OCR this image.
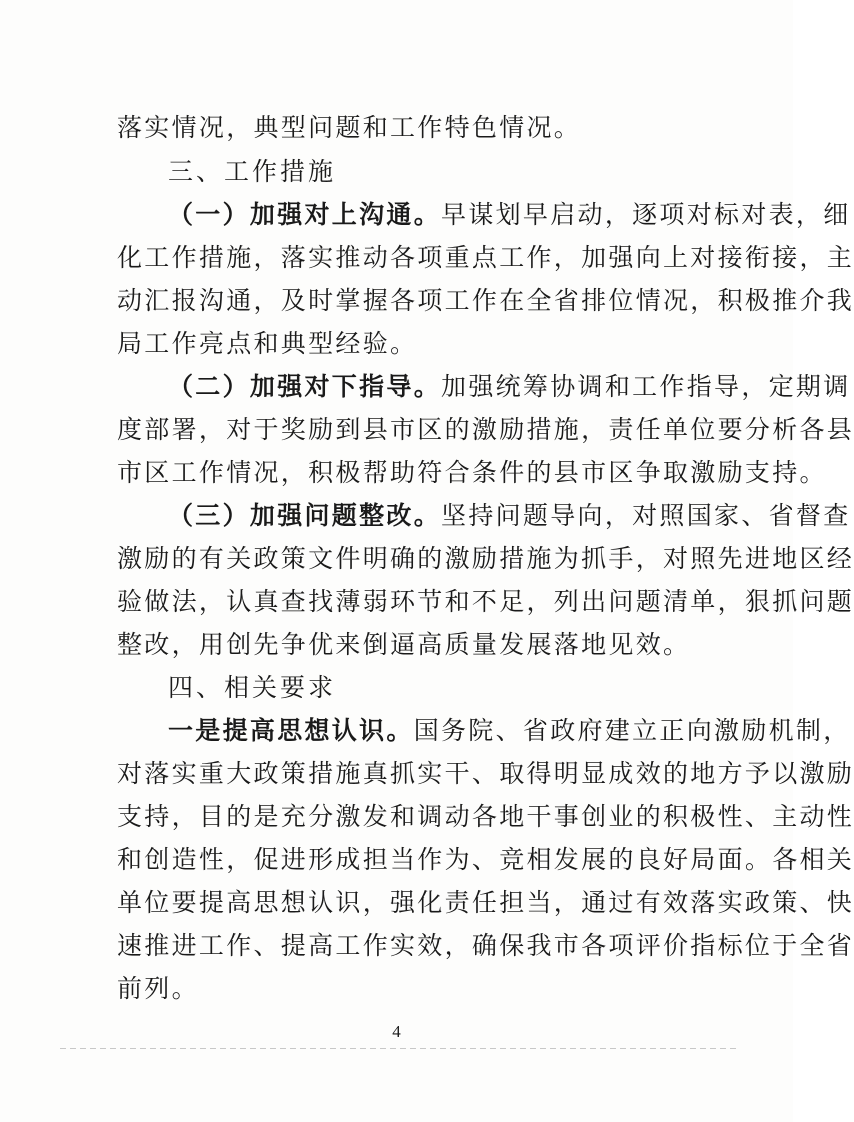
落实情况，典型问题和工作特色情况。
三、工作措施
（一）加强对上沟通。早谋划早启动，逐项对标对表，细
化工作措施，落实推动各项重点工作，加强向上对接衔接，主
动汇报沟通，及时掌握各项工作在全省排位情况，积极推介我
局工作亮点和典型经验。
（二）加强对下指导。加强统筹协调和工作指导，定期调
度部署，对于奖励到县市区的激励措施，责任单位要分析各县
市区工作情况，积极帮助符合条件的县市区争取激励支持。
（三）加强问题整改。坚持问题导向，对照国家、省督查
激励的有关政策文件明确的激励措施为抓手，对照先进地区经
验做法，认真查找薄弱环节和不足，列出问题清单，狠抓问题
整改，用创先争优来倒逼高质量发展落地见效。
四、相关要求
一是提高思想认识。国务院、省政府建立正向激励机制，
对落实重大政策措施真抓实干、取得明显成效的地方予以激励
支持，目的是充分激发和调动各地干事创业的积极性、主动性
和创造性，促进形成担当作为、竞相发展的良好局面。各相关
单位要提高思想认识，强化责任担当，通过有效落实政策、快
速推进工作、提高工作实效，确保我市各项评价指标位于全省
前列。
4
